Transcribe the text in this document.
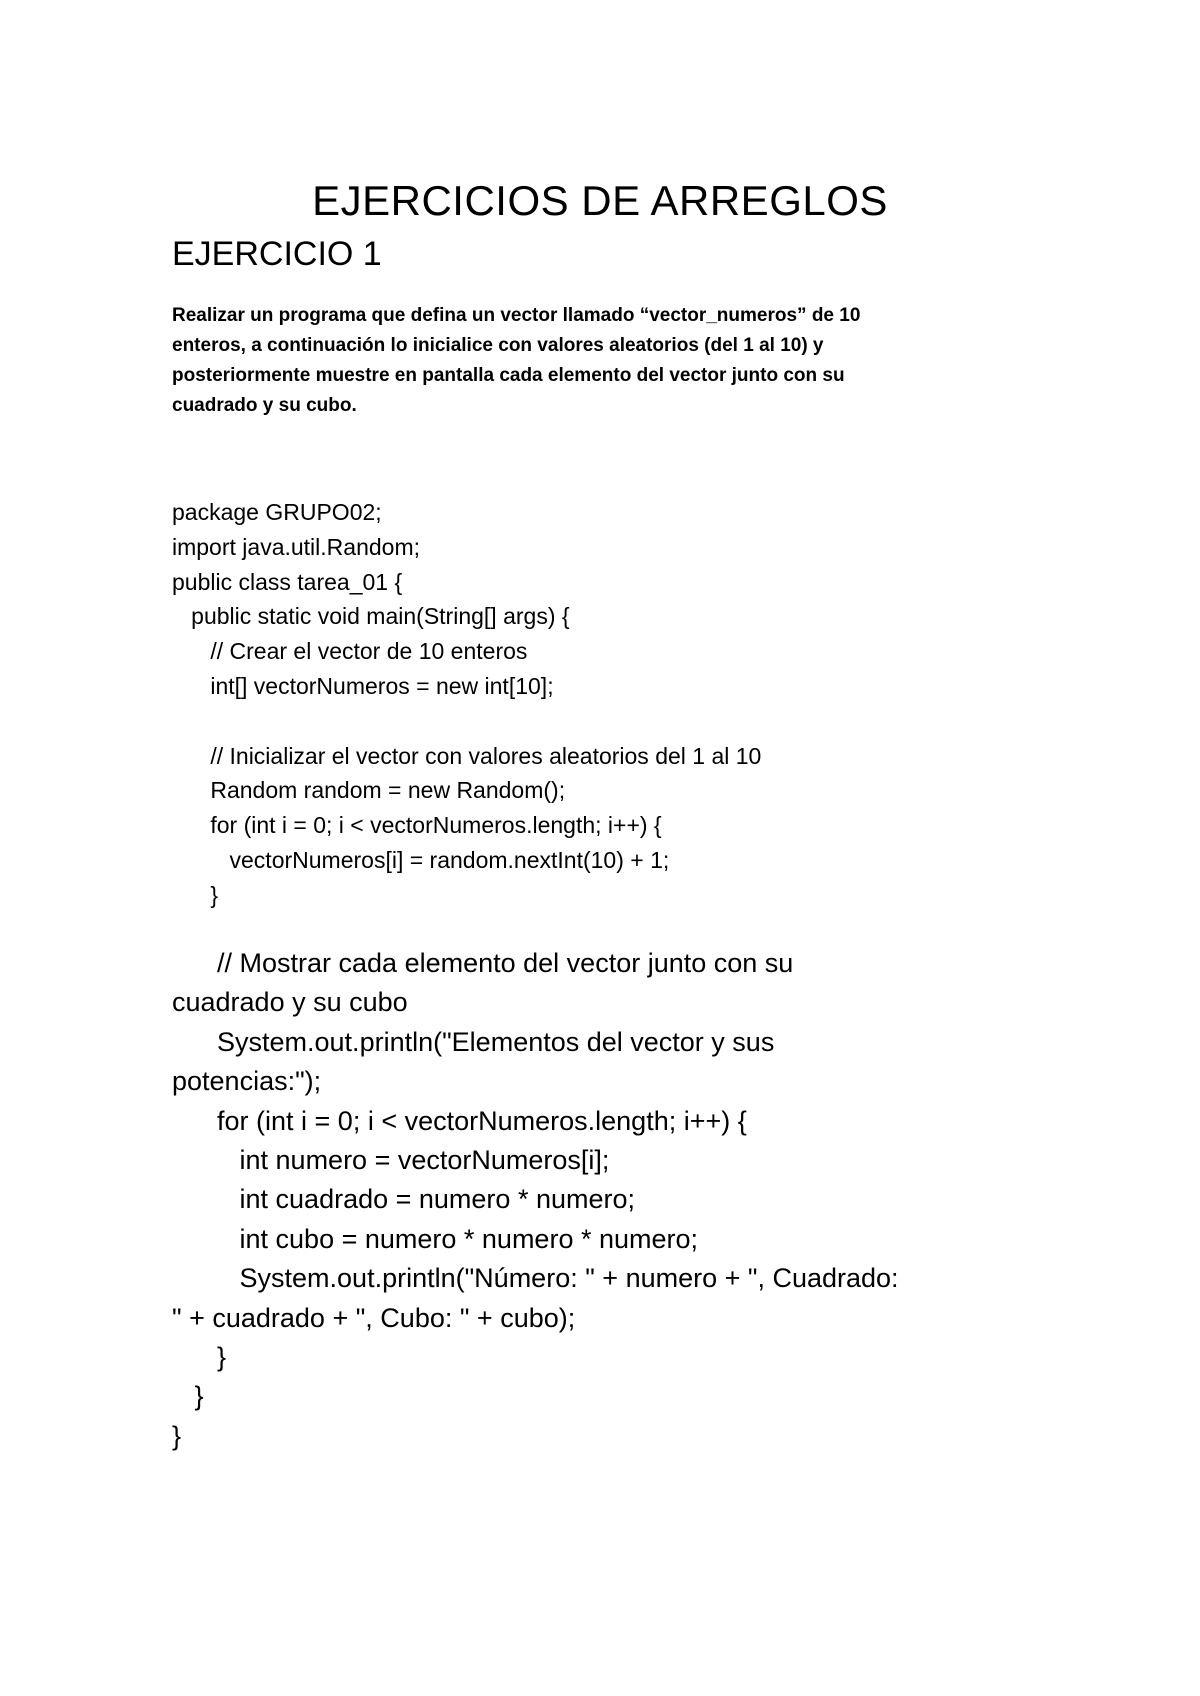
EJERCICIOS DE ARREGLOS
EJERCICIO 1
Realizar un programa que defina un vector llamado “vector_numeros” de 10
enteros, a continuación lo inicialice con valores aleatorios (del 1 al 10) y
posteriormente muestre en pantalla cada elemento del vector junto con su
cuadrado y su cubo.
package GRUPO02;
import java.util.Random;
public class tarea_01 {
public static void main(String[] args) {
// Crear el vector de 10 enteros
int[] vectorNumeros = new int[10];
// Inicializar el vector con valores aleatorios del 1 al 10
Random random = new Random();
for (int i = 0; i < vectorNumeros.length; i++) {
vectorNumeros[i] = random.nextInt(10) + 1;
}
// Mostrar cada elemento del vector junto con su
cuadrado y su cubo
System.out.println("Elementos del vector y sus
potencias:");
for (int i = 0; i < vectorNumeros.length; i++) {
int numero = vectorNumeros[i];
int cuadrado = numero * numero;
int cubo = numero * numero * numero;
System.out.println("Número: " + numero + ", Cuadrado:
" + cuadrado + ", Cubo: " + cubo);
}
}
}
